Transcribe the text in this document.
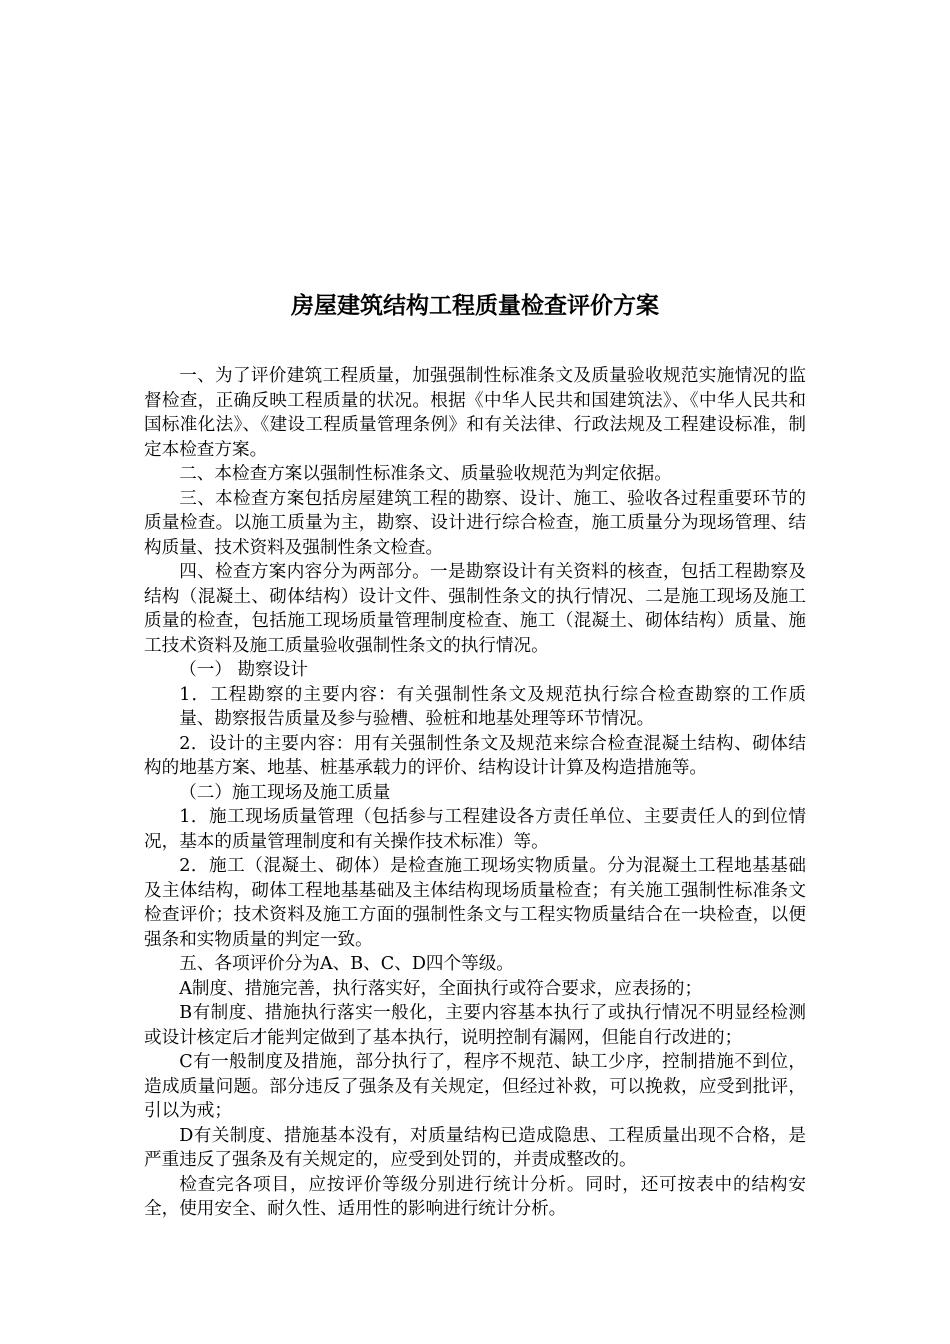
房屋建筑结构工程质量检查评价方案

一、为了评价建筑工程质量，加强强制性标准条文及质量验收规范实施情况的监督检查，正确反映工程质量的状况。根据《中华人民共和国建筑法》、《中华人民共和国标准化法》、《建设工程质量管理条例》和有关法律、行政法规及工程建设标准，制定本检查方案。

二、本检查方案以强制性标准条文、质量验收规范为判定依据。

三、本检查方案包括房屋建筑工程的勘察、设计、施工、验收各过程重要环节的质量检查。以施工质量为主，勘察、设计进行综合检查，施工质量分为现场管理、结构质量、技术资料及强制性条文检查。

四、检查方案内容分为两部分。一是勘察设计有关资料的核查，包括工程勘察及结构（混凝土、砌体结构）设计文件、强制性条文的执行情况、二是施工现场及施工质量的检查，包括施工现场质量管理制度检查、施工（混凝土、砌体结构）质量、施工技术资料及施工质量验收强制性条文的执行情况。

（一） 勘察设计

1．工程勘察的主要内容：有关强制性条文及规范执行综合检查勘察的工作质量、勘察报告质量及参与验槽、验桩和地基处理等环节情况。

2．设计的主要内容：用有关强制性条文及规范来综合检查混凝土结构、砌体结构的地基方案、地基、桩基承载力的评价、结构设计计算及构造措施等。

（二）施工现场及施工质量

1．施工现场质量管理（包括参与工程建设各方责任单位、主要责任人的到位情况，基本的质量管理制度和有关操作技术标准）等。

2．施工（混凝土、砌体）是检查施工现场实物质量。分为混凝土工程地基基础及主体结构，砌体工程地基基础及主体结构现场质量检查；有关施工强制性标准条文检查评价；技术资料及施工方面的强制性条文与工程实物质量结合在一块检查，以便强条和实物质量的判定一致。

五、各项评价分为A、B、C、D四个等级。

A制度、措施完善，执行落实好，全面执行或符合要求，应表扬的；

B有制度、措施执行落实一般化，主要内容基本执行了或执行情况不明显经检测或设计核定后才能判定做到了基本执行，说明控制有漏网，但能自行改进的；

C有一般制度及措施，部分执行了，程序不规范、缺工少序，控制措施不到位，造成质量问题。部分违反了强条及有关规定，但经过补救，可以挽救，应受到批评，引以为戒；

D有关制度、措施基本没有，对质量结构已造成隐患、工程质量出现不合格，是严重违反了强条及有关规定的，应受到处罚的，并责成整改的。

检查完各项目，应按评价等级分别进行统计分析。同时，还可按表中的结构安全，使用安全、耐久性、适用性的影响进行统计分析。
